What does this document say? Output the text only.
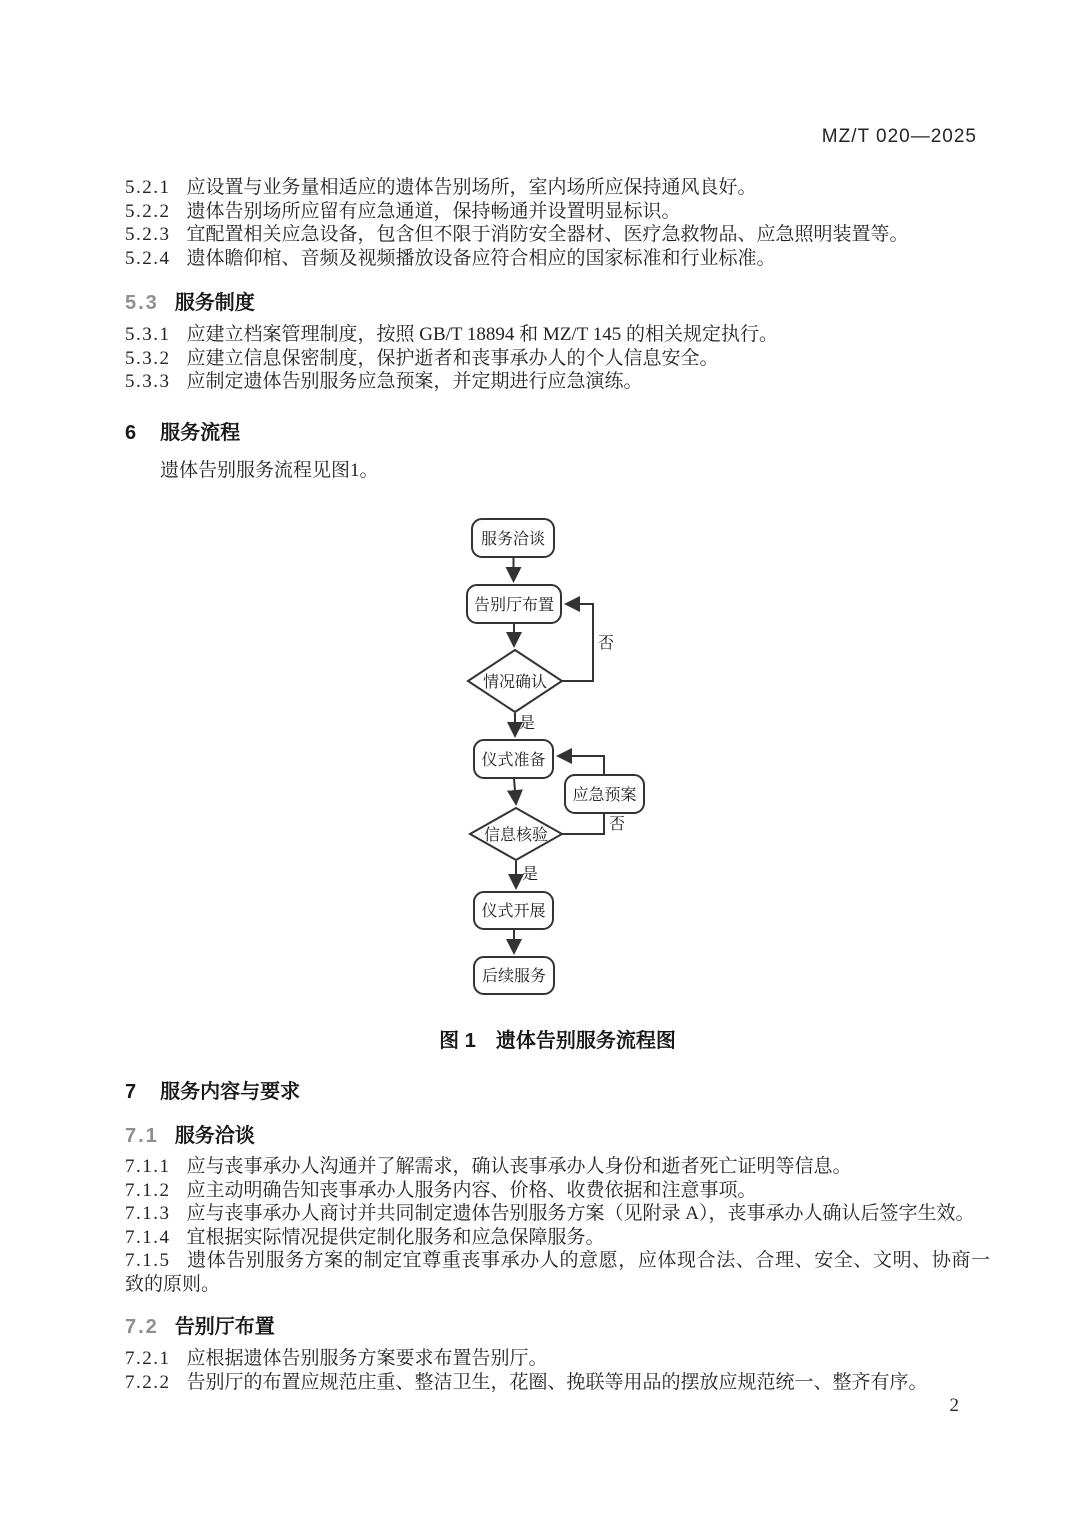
MZ/T 020—2025

5.2.1 应设置与业务量相适应的遗体告别场所，室内场所应保持通风良好。

5.2.2 遗体告别场所应留有应急通道，保持畅通并设置明显标识。

5.2.3 宜配置相关应急设备，包含但不限于消防安全器材、医疗急救物品、应急照明装置等。

5.2.4 遗体瞻仰棺、音频及视频播放设备应符合相应的国家标准和行业标准。

5.3 服务制度

5.3.1 应建立档案管理制度，按照 GB/T 18894 和 MZ/T 145 的相关规定执行。

5.3.2 应建立信息保密制度，保护逝者和丧事承办人的个人信息安全。

5.3.3 应制定遗体告别服务应急预案，并定期进行应急演练。

6 服务流程
遗体告别服务流程见图1。
服务洽谈
告别厅布置
情况确认
仪式准备
应急预案
信息核验
仪式开展
后续服务
否
是
否
是
图 1　遗体告别服务流程图
7 服务内容与要求
7.1 服务洽谈

7.1.1 应与丧事承办人沟通并了解需求，确认丧事承办人身份和逝者死亡证明等信息。

7.1.2 应主动明确告知丧事承办人服务内容、价格、收费依据和注意事项。

7.1.3 应与丧事承办人商讨并共同制定遗体告别服务方案（见附录 A），丧事承办人确认后签字生效。

7.1.4 宜根据实际情况提供定制化服务和应急保障服务。

7.1.5 遗体告别服务方案的制定宜尊重丧事承办人的意愿，应体现合法、合理、安全、文明、协商一

致的原则。

7.2 告别厅布置

7.2.1 应根据遗体告别服务方案要求布置告别厅。

7.2.2 告别厅的布置应规范庄重、整洁卫生，花圈、挽联等用品的摆放应规范统一、整齐有序。

2
